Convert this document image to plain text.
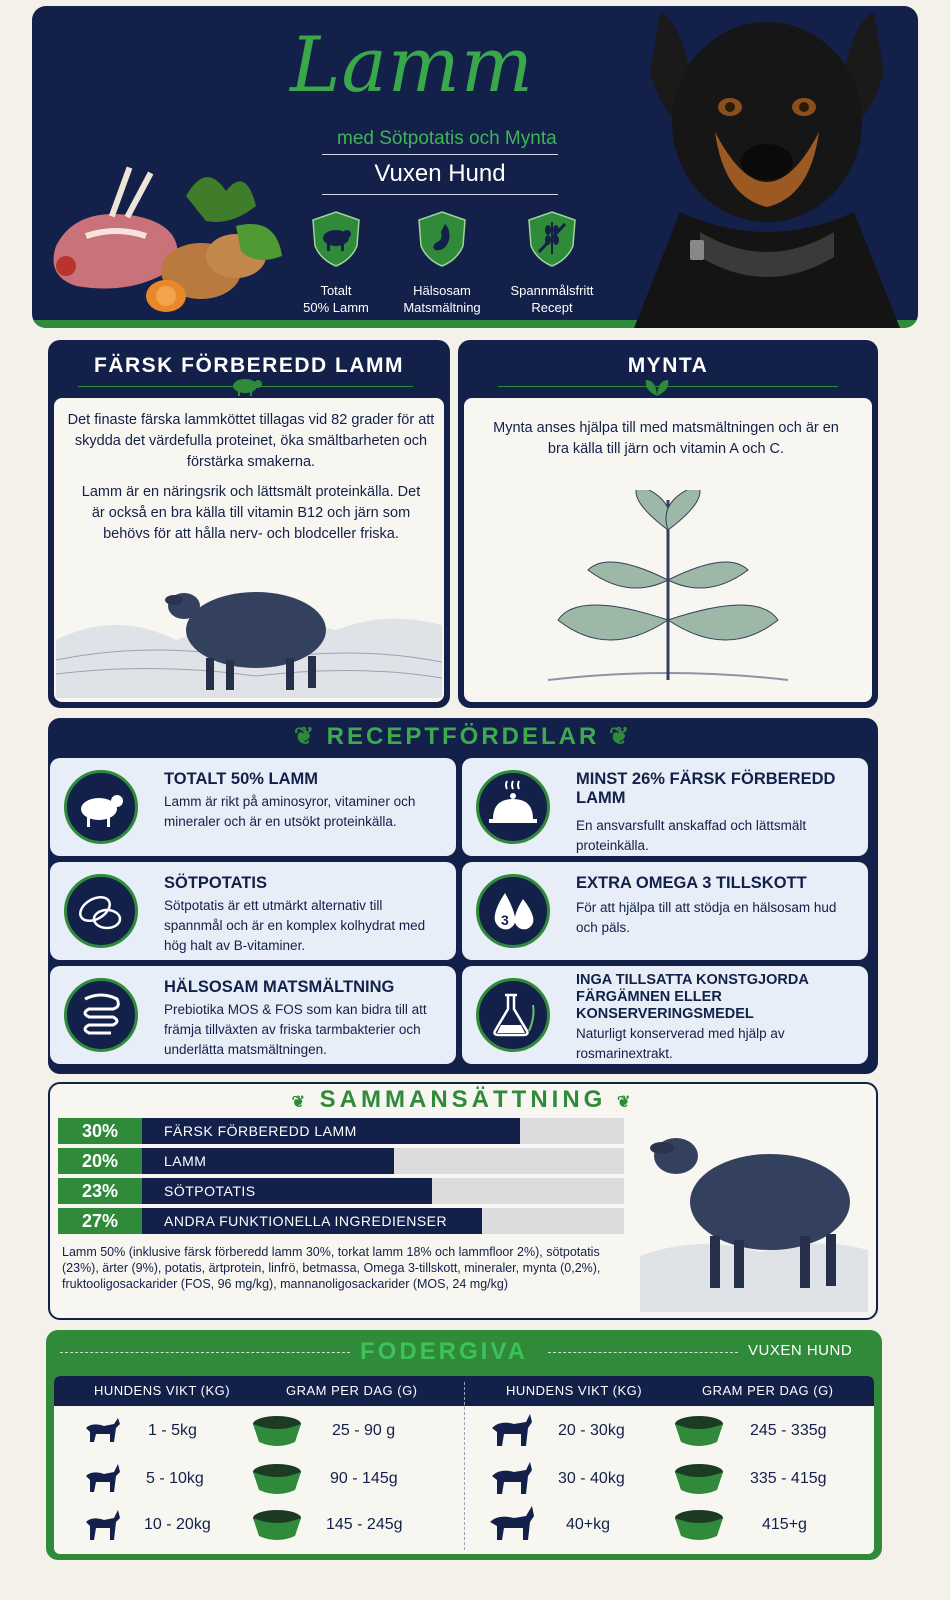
Lamm
med Sötpotatis och Mynta
Vuxen Hund
Totalt
50% Lamm
Hälsosam
Matsmältning
Spannmålsfritt
Recept
FÄRSK FÖRBEREDD LAMM
Det finaste färska lammköttet tillagas vid 82 grader för att skydda det värdefulla proteinet, öka smältbarheten och förstärka smakerna.
Lamm är en näringsrik och lättsmält proteinkälla. Det är också en bra källa till vitamin B12 och järn som behövs för att hålla nerv- och blodceller friska.
MYNTA
Mynta anses hjälpa till med matsmältningen och är en bra källa till järn och vitamin A och C.
❦ RECEPTFÖRDELAR ❦
TOTALT 50% LAMM
Lamm är rikt på aminosyror, vitaminer och mineraler och är en utsökt proteinkälla.
MINST 26% FÄRSK FÖRBEREDD LAMM
En ansvarsfullt anskaffad och lättsmält proteinkälla.
SÖTPOTATIS
Sötpotatis är ett utmärkt alternativ till spannmål och är en komplex kolhydrat med hög halt av B-vitaminer.
3
EXTRA OMEGA 3 TILLSKOTT
För att hjälpa till att stödja en hälsosam hud och päls.
HÄLSOSAM MATSMÄLTNING
Prebiotika MOS & FOS som kan bidra till att främja tillväxten av friska tarmbakterier och underlätta matsmältningen.
INGA TILLSATTA KONSTGJORDA FÄRGÄMNEN ELLER KONSERVERINGSMEDEL
Naturligt konserverad med hjälp av rosmarinextrakt.
❦ SAMMANSÄTTNING ❦
30%	FÄRSK FÖRBEREDD LAMM
20%	LAMM
23%	SÖTPOTATIS
27%	ANDRA FUNKTIONELLA INGREDIENSER
Lamm 50% (inklusive färsk förberedd lamm 30%, torkat lamm 18% och lammfloor 2%), sötpotatis (23%), ärter (9%), potatis, ärtprotein, linfrö, betmassa, Omega 3-tillskott, mineraler, mynta (0,2%), fruktooligosackarider (FOS, 96 mg/kg), mannanoligosackarider (MOS, 24 mg/kg)
FODERGIVA	VUXEN HUND
HUNDENS VIKT (KG)	GRAM PER DAG (G)	HUNDENS VIKT (KG)	GRAM PER DAG (G)
1 - 5kg	25 - 90 g
5 - 10kg	90 - 145g
10 - 20kg	145 - 245g
20 - 30kg	245 - 335g
30 - 40kg	335 - 415g
40+kg	415+g
